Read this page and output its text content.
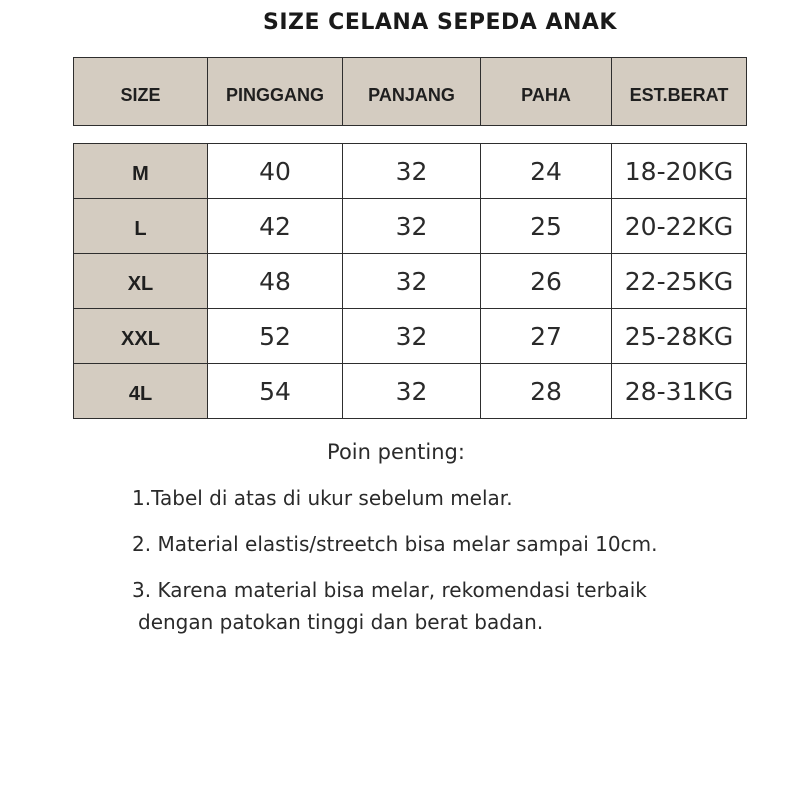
SIZE CELANA SEPEDA ANAK
SIZE	PINGGANG	PANJANG	PAHA	EST.BERAT
M	40	32	24	18-20KG
L	42	32	25	20-22KG
XL	48	32	26	22-25KG
XXL	52	32	27	25-28KG
4L	54	32	28	28-31KG
Poin penting:
1.Tabel di atas di ukur sebelum melar.
2. Material elastis/streetch bisa melar sampai 10cm.
3. Karena material bisa melar, rekomendasi terbaik
dengan patokan tinggi dan berat badan.
